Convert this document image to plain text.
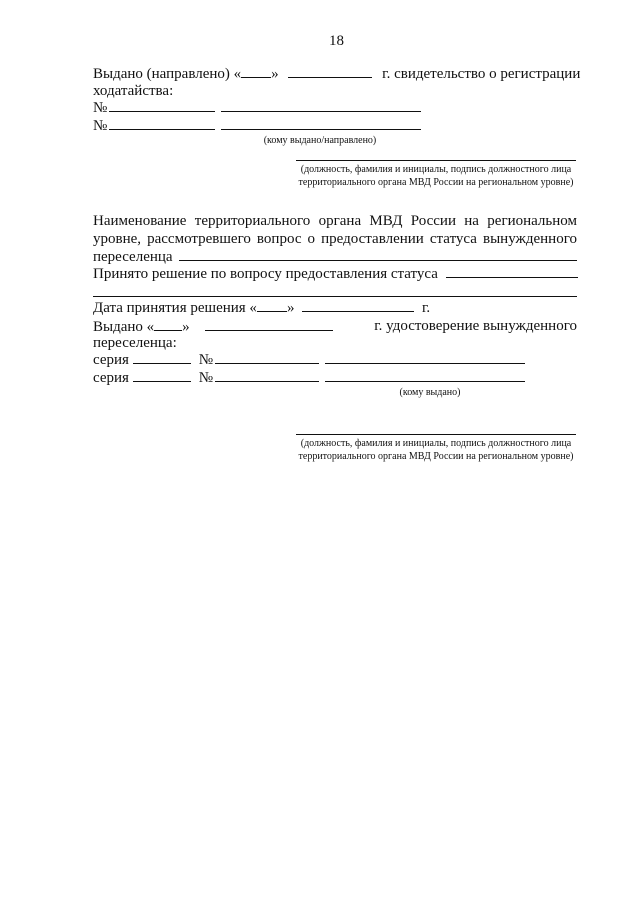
18
Выдано (направлено) « »	г. свидетельство о регистрации
ходатайства:
№
№
(кому выдано/направлено)
(должность, фамилия и инициалы, подпись должностного лица территориального органа МВД России на региональном уровне)
Наименование территориального органа МВД России на региональном
уровне, рассмотревшего вопрос о предоставлении статуса вынужденного
переселенца
Принято решение по вопросу предоставления статуса
Дата принятия решения « »	г.
Выдано « »	г. удостоверение вынужденного
переселенца:
серия	№
серия	№
(кому выдано)
(должность, фамилия и инициалы, подпись должностного лица территориального органа МВД России на региональном уровне)
